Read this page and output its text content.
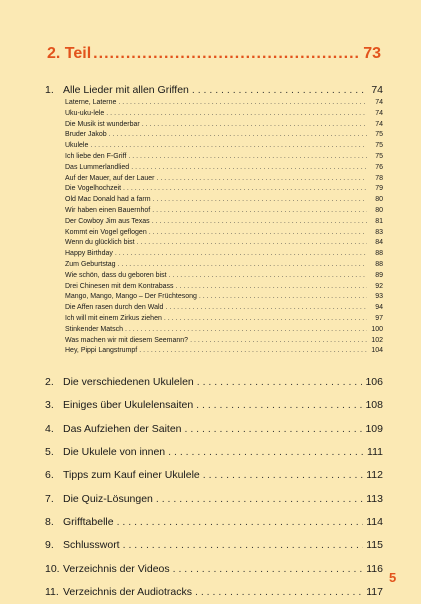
2. Teil .....	73
1. Alle Lieder mit allen Griffen . . .	74
Laterne, Laterne . . .	74
Uku-uku-lele . . .	74
Die Musik ist wunderbar . . .	74
Bruder Jakob . . .	75
Ukulele . . .	75
Ich liebe den F-Griff . . .	75
Das Lummerlandlied . . .	76
Auf der Mauer, auf der Lauer . . .	78
Die Vogelhochzeit . . .	79
Old Mac Donald had a farm . . .	80
Wir haben einen Bauernhof . . .	80
Der Cowboy Jim aus Texas . . .	81
Kommt ein Vogel geflogen . . .	83
Wenn du glücklich bist . . .	84
Happy Birthday . . .	88
Zum Geburtstag . . .	88
Wie schön, dass du geboren bist . . .	89
Drei Chinesen mit dem Kontrabass . . .	92
Mango, Mango, Mango – Der Früchtesong . . .	93
Die Affen rasen durch den Wald . . .	94
Ich will mit einem Zirkus ziehen . . .	97
Stinkender Matsch . . .	100
Was machen wir mit diesem Seemann? . . .	102
Hey, Pippi Langstrumpf . . .	104
2. Die verschiedenen Ukulelen . . .	106
3. Einiges über Ukulelensaiten . . .	108
4. Das Aufziehen der Saiten . . .	109
5. Die Ukulele von innen . . .	111
6. Tipps zum Kauf einer Ukulele . . .	112
7. Die Quiz-Lösungen . . .	113
8. Grifftabelle . . .	114
9. Schlusswort . . .	115
10. Verzeichnis der Videos . . .	116
11. Verzeichnis der Audiotracks . . .	117
5
